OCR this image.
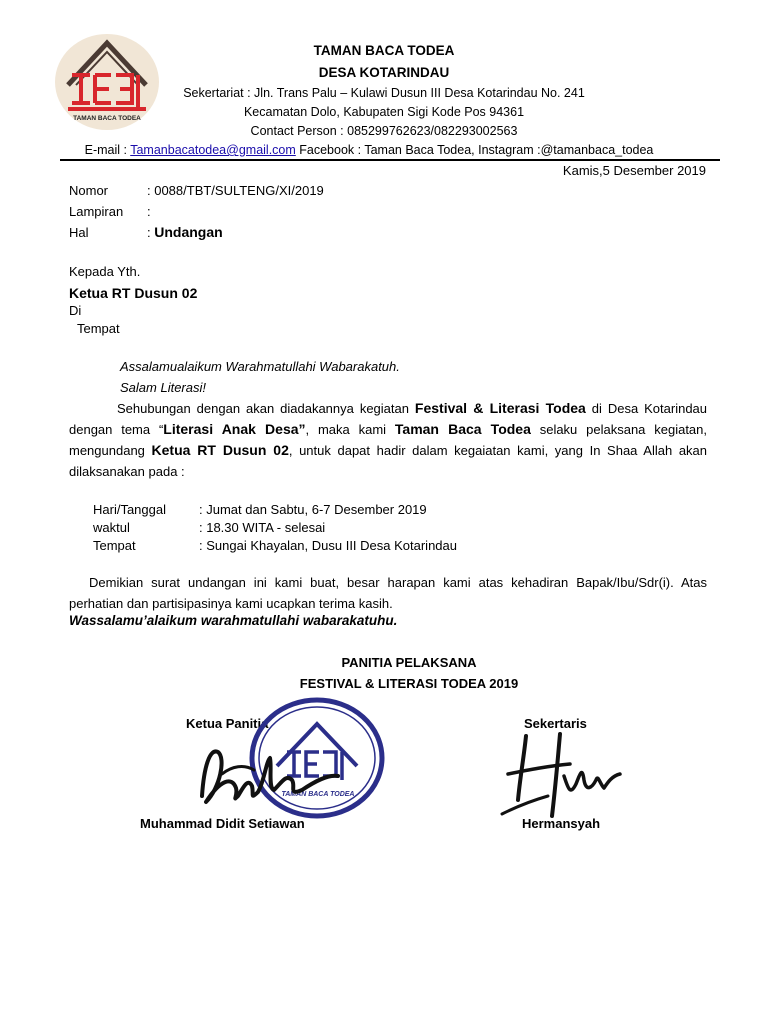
TAMAN BACA TODEA
TAMAN BACA TODEA
DESA KOTARINDAU
Sekertariat : Jln. Trans Palu – Kulawi Dusun III Desa Kotarindau No. 241
Kecamatan Dolo, Kabupaten Sigi Kode Pos 94361
Contact Person : 085299762623/082293002563
E-mail : Tamanbacatodea@gmail.com Facebook : Taman Baca Todea, Instagram :@tamanbaca_todea
Kamis,5 Desember 2019
Nomor	: 0088/TBT/SULTENG/XI/2019
Lampiran :
Hal	: Undangan
Kepada Yth.
Ketua RT Dusun 02
Di
Tempat
Assalamualaikum Warahmatullahi Wabarakatuh.
Salam Literasi!
Sehubungan dengan akan diadakannya kegiatan Festival & Literasi Todea di Desa Kotarindau dengan tema “Literasi Anak Desa”, maka kami Taman Baca Todea selaku pelaksana kegiatan, mengundang Ketua RT Dusun 02, untuk dapat hadir dalam kegaiatan kami, yang In Shaa Allah akan dilaksanakan pada :
Hari/Tanggal	: Jumat dan Sabtu, 6-7 Desember 2019
waktul	: 18.30 WITA - selesai
Tempat	: Sungai Khayalan, Dusu III Desa Kotarindau
Demikian surat undangan ini kami buat, besar harapan kami atas kehadiran Bapak/Ibu/Sdr(i). Atas perhatian dan partisipasinya kami ucapkan terima kasih.
Wassalamu’alaikum warahmatullahi wabarakatuhu.
PANITIA PELAKSANA
FESTIVAL & LITERASI TODEA 2019
Ketua Panitia	Sekertaris
TAMAN BACA TODEA
Muhammad Didit Setiawan	Hermansyah
